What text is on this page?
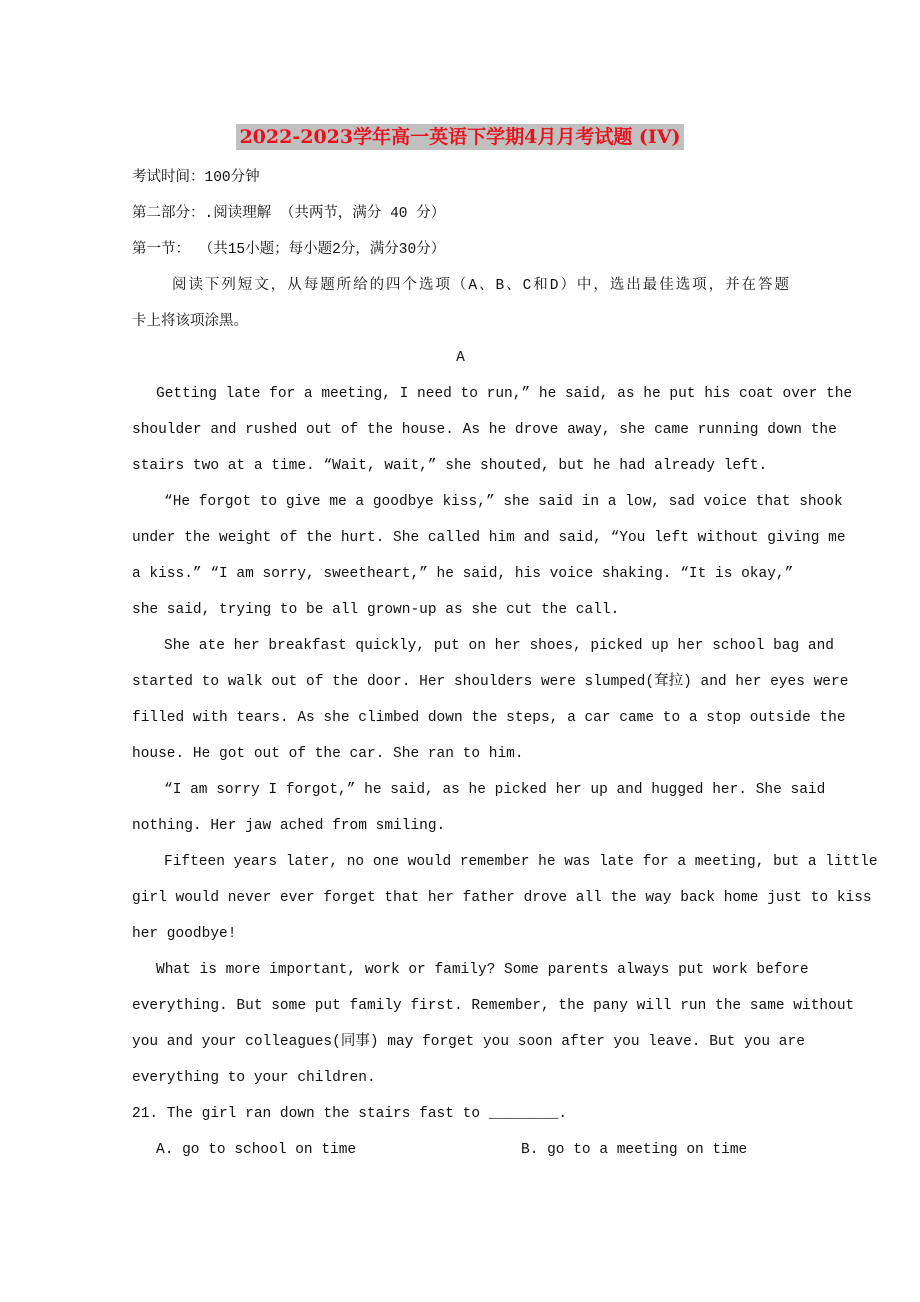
2022-2023学年高一英语下学期4月月考试题 (IV)
考试时间：100分钟
第二部分：.阅读理解 （共两节，满分 40 分）
第一节： （共15小题；每小题2分，满分30分）
阅读下列短文，从每题所给的四个选项（A、B、C和D）中，选出最佳选项，并在答题
卡上将该项涂黑。
A
Getting late for a meeting, I need to run,” he said, as he put his coat over the
shoulder and rushed out of the house. As he drove away, she came running down the
stairs two at a time. “Wait, wait,” she shouted, but he had already left.
“He forgot to give me a goodbye kiss,” she said in a low, sad voice that shook
under the weight of the hurt. She called him and said, “You left without giving me
a kiss.” “I am sorry, sweetheart,” he said, his voice shaking. “It is okay,”
she said, trying to be all grown-up as she cut the call.
She ate her breakfast quickly, put on her shoes, picked up her school bag and
started to walk out of the door. Her shoulders were slumped(耷拉) and her eyes were
filled with tears. As she climbed down the steps, a car came to a stop outside the
house. He got out of the car. She ran to him.
“I am sorry I forgot,” he said, as he picked her up and hugged her. She said
nothing. Her jaw ached from smiling.
Fifteen years later, no one would remember he was late for a meeting, but a little
girl would never ever forget that her father drove all the way back home just to kiss
her goodbye!
What is more important, work or family? Some parents always put work before
everything. But some put family first. Remember, the pany will run the same without
you and your colleagues(同事) may forget you soon after you leave. But you are
everything to your children.
21. The girl ran down the stairs fast to ________.
A. go to school on time	B. go to a meeting on time
